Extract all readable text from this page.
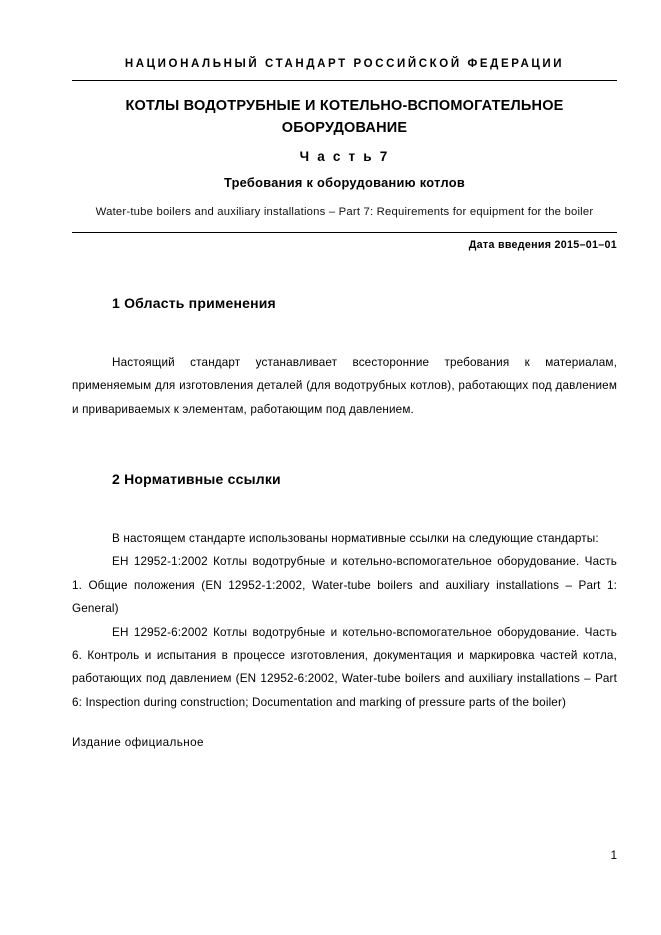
НАЦИОНАЛЬНЫЙ СТАНДАРТ РОССИЙСКОЙ ФЕДЕРАЦИИ
КОТЛЫ ВОДОТРУБНЫЕ И КОТЕЛЬНО-ВСПОМОГАТЕЛЬНОЕ ОБОРУДОВАНИЕ
Ч а с т ь 7
Требования к оборудованию котлов
Water-tube boilers and auxiliary installations – Part 7: Requirements for equipment for the boiler
Дата введения 2015–01–01
1 Область применения
Настоящий стандарт устанавливает всесторонние требования к материалам, применяемым для изготовления деталей (для водотрубных котлов), работающих под давлением и привариваемых к элементам, работающим под давлением.
2 Нормативные ссылки
В настоящем стандарте использованы нормативные ссылки на следующие стандарты:
ЕН 12952-1:2002 Котлы водотрубные и котельно-вспомогательное оборудование. Часть 1. Общие положения (EN 12952-1:2002, Water-tube boilers and auxiliary installations – Part 1: General)
ЕН 12952-6:2002 Котлы водотрубные и котельно-вспомогательное оборудование. Часть 6. Контроль и испытания в процессе изготовления, документация и маркировка частей котла, работающих под давлением (EN 12952-6:2002, Water-tube boilers and auxiliary installations – Part 6: Inspection during construction; Documentation and marking of pressure parts of the boiler)
Издание официальное
1
